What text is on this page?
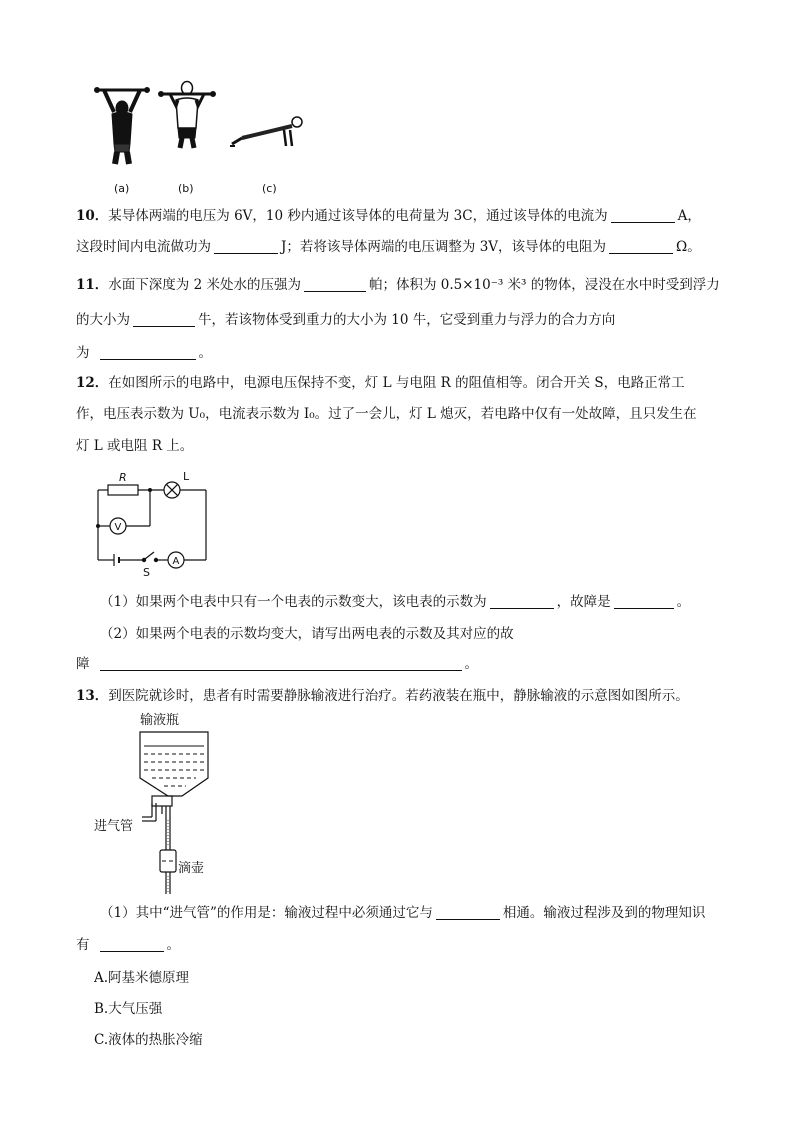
(a)	(b)	(c)
10．某导体两端的电压为 6V，10 秒内通过该导体的电荷量为 3C，通过该导体的电流为	A，
这段时间内电流做功为	J；若将该导体两端的电压调整为 3V，该导体的电阻为	Ω。
11．水面下深度为 2 米处水的压强为	帕；体积为 0.5×10⁻³ 米³ 的物体，浸没在水中时受到浮力
的大小为	牛，若该物体受到重力的大小为 10 牛，它受到重力与浮力的合力方向
为	。
12．在如图所示的电路中，电源电压保持不变，灯 L 与电阻 R 的阻值相等。闭合开关 S，电路正常工
作，电压表示数为 U₀，电流表示数为 I₀。过了一会儿，灯 L 熄灭，若电路中仅有一处故障，且只发生在
灯 L 或电阻 R 上。
R	L
V
A
S
（1）如果两个电表中只有一个电表的示数变大，该电表的示数为	，故障是	。
（2）如果两个电表的示数均变大，请写出两电表的示数及其对应的故
障	。
13．到医院就诊时，患者有时需要静脉输液进行治疗。若药液装在瓶中，静脉输液的示意图如图所示。
输液瓶
进气管
滴壶
（1）其中“进气管”的作用是：输液过程中必须通过它与	相通。输液过程涉及到的物理知识
有	。
A.阿基米德原理
B.大气压强
C.液体的热胀冷缩
